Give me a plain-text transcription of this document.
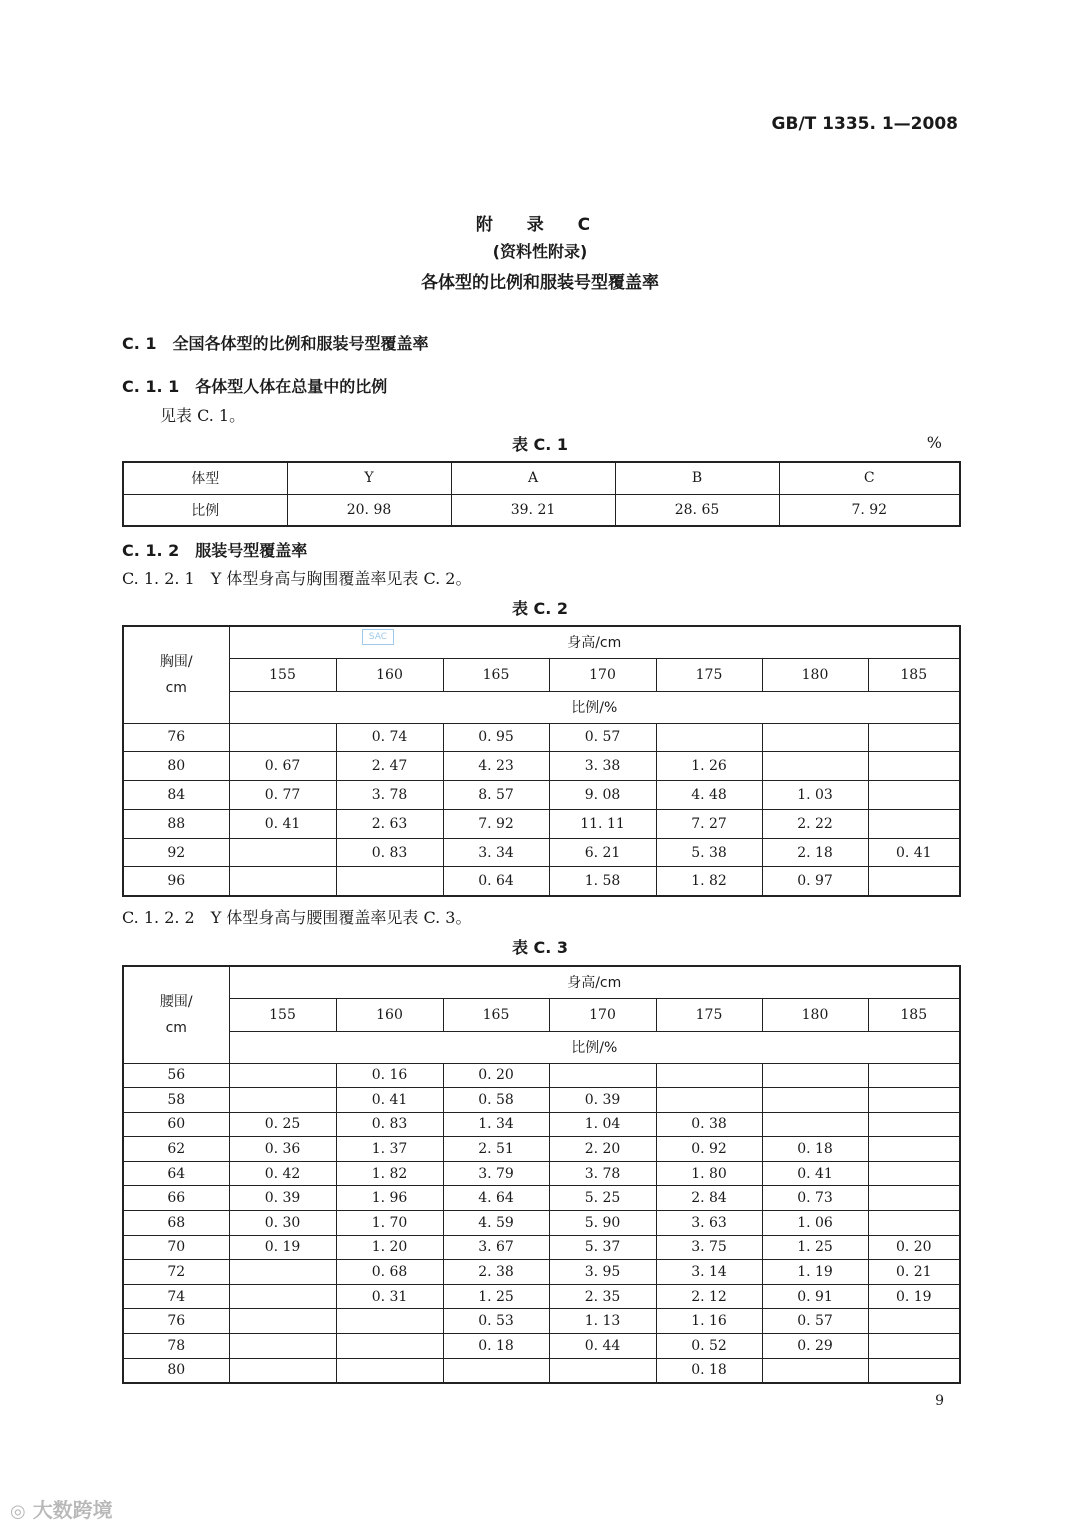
GB/T 1335. 1—2008
附 录 C
(资料性附录)
各体型的比例和服装号型覆盖率
C. 1　全国各体型的比例和服装号型覆盖率
C. 1. 1　各体型人体在总量中的比例
见表 C. 1。
表 C. 1	%
体型	Y	A	B	C
比例	20. 98	39. 21	28. 65	7. 92
C. 1. 2　服装号型覆盖率
C. 1. 2. 1　Y 体型身高与胸围覆盖率见表 C. 2。
表 C. 2
SAC
胸围/
cm	身高/cm						
	155	160	165	170	175	180	185
	比例/%						
76		0. 74	0. 95	0. 57			
80	0. 67	2. 47	4. 23	3. 38	1. 26		
84	0. 77	3. 78	8. 57	9. 08	4. 48	1. 03	
88	0. 41	2. 63	7. 92	11. 11	7. 27	2. 22	
92		0. 83	3. 34	6. 21	5. 38	2. 18	0. 41
96			0. 64	1. 58	1. 82	0. 97	
C. 1. 2. 2　Y 体型身高与腰围覆盖率见表 C. 3。
表 C. 3
腰围/
cm	身高/cm						
	155	160	165	170	175	180	185
	比例/%						
56		0. 16	0. 20				
58		0. 41	0. 58	0. 39			
60	0. 25	0. 83	1. 34	1. 04	0. 38		
62	0. 36	1. 37	2. 51	2. 20	0. 92	0. 18	
64	0. 42	1. 82	3. 79	3. 78	1. 80	0. 41	
66	0. 39	1. 96	4. 64	5. 25	2. 84	0. 73	
68	0. 30	1. 70	4. 59	5. 90	3. 63	1. 06	
70	0. 19	1. 20	3. 67	5. 37	3. 75	1. 25	0. 20
72		0. 68	2. 38	3. 95	3. 14	1. 19	0. 21
74		0. 31	1. 25	2. 35	2. 12	0. 91	0. 19
76			0. 53	1. 13	1. 16	0. 57	
78			0. 18	0. 44	0. 52	0. 29	
80					0. 18		
9
◎ 大数跨境
